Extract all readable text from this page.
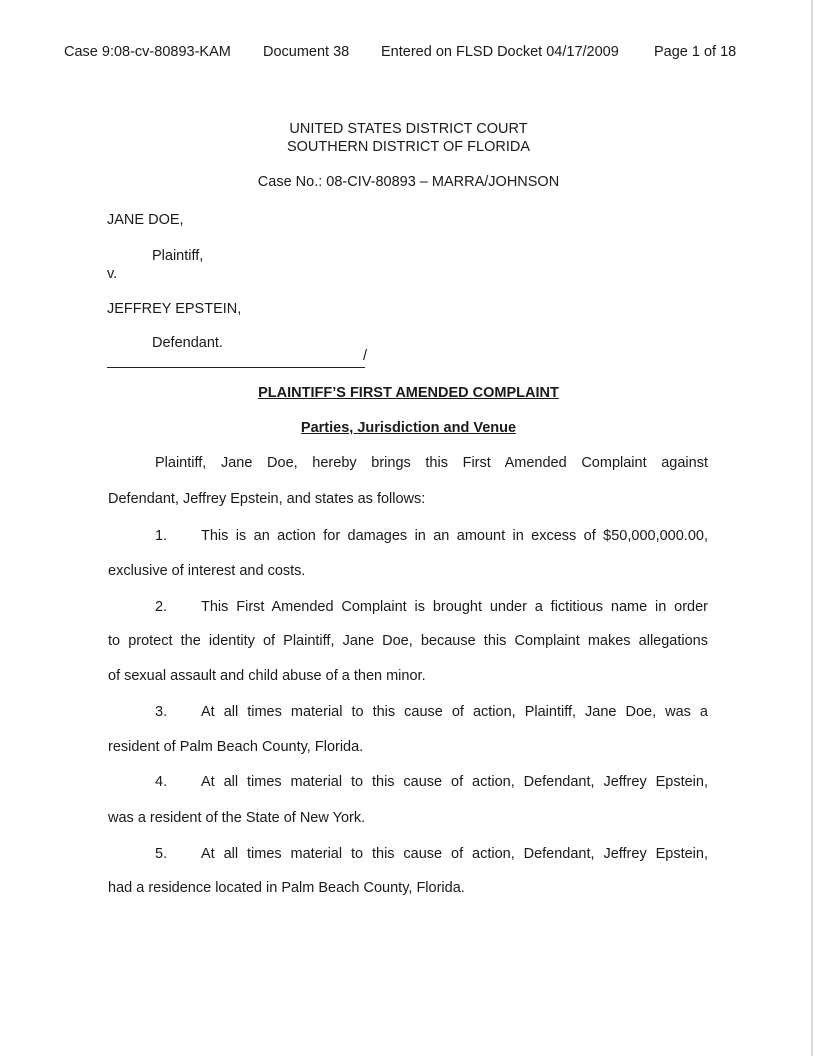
Case 9:08-cv-80893-KAM Document 38 Entered on FLSD Docket 04/17/2009 Page 1 of 18
UNITED STATES DISTRICT COURT
SOUTHERN DISTRICT OF FLORIDA
Case No.: 08-CIV-80893 – MARRA/JOHNSON
JANE DOE,
Plaintiff,
v.
JEFFREY EPSTEIN,
Defendant.
/
PLAINTIFF’S FIRST AMENDED COMPLAINT
Parties, Jurisdiction and Venue
Plaintiff, Jane Doe, hereby brings this First Amended Complaint against
Defendant, Jeffrey Epstein, and states as follows:
1. This is an action for damages in an amount in excess of $50,000,000.00,
exclusive of interest and costs.
2. This First Amended Complaint is brought under a fictitious name in order
to protect the identity of Plaintiff, Jane Doe, because this Complaint makes allegations
of sexual assault and child abuse of a then minor.
3. At all times material to this cause of action, Plaintiff, Jane Doe, was a
resident of Palm Beach County, Florida.
4. At all times material to this cause of action, Defendant, Jeffrey Epstein,
was a resident of the State of New York.
5. At all times material to this cause of action, Defendant, Jeffrey Epstein,
had a residence located in Palm Beach County, Florida.
